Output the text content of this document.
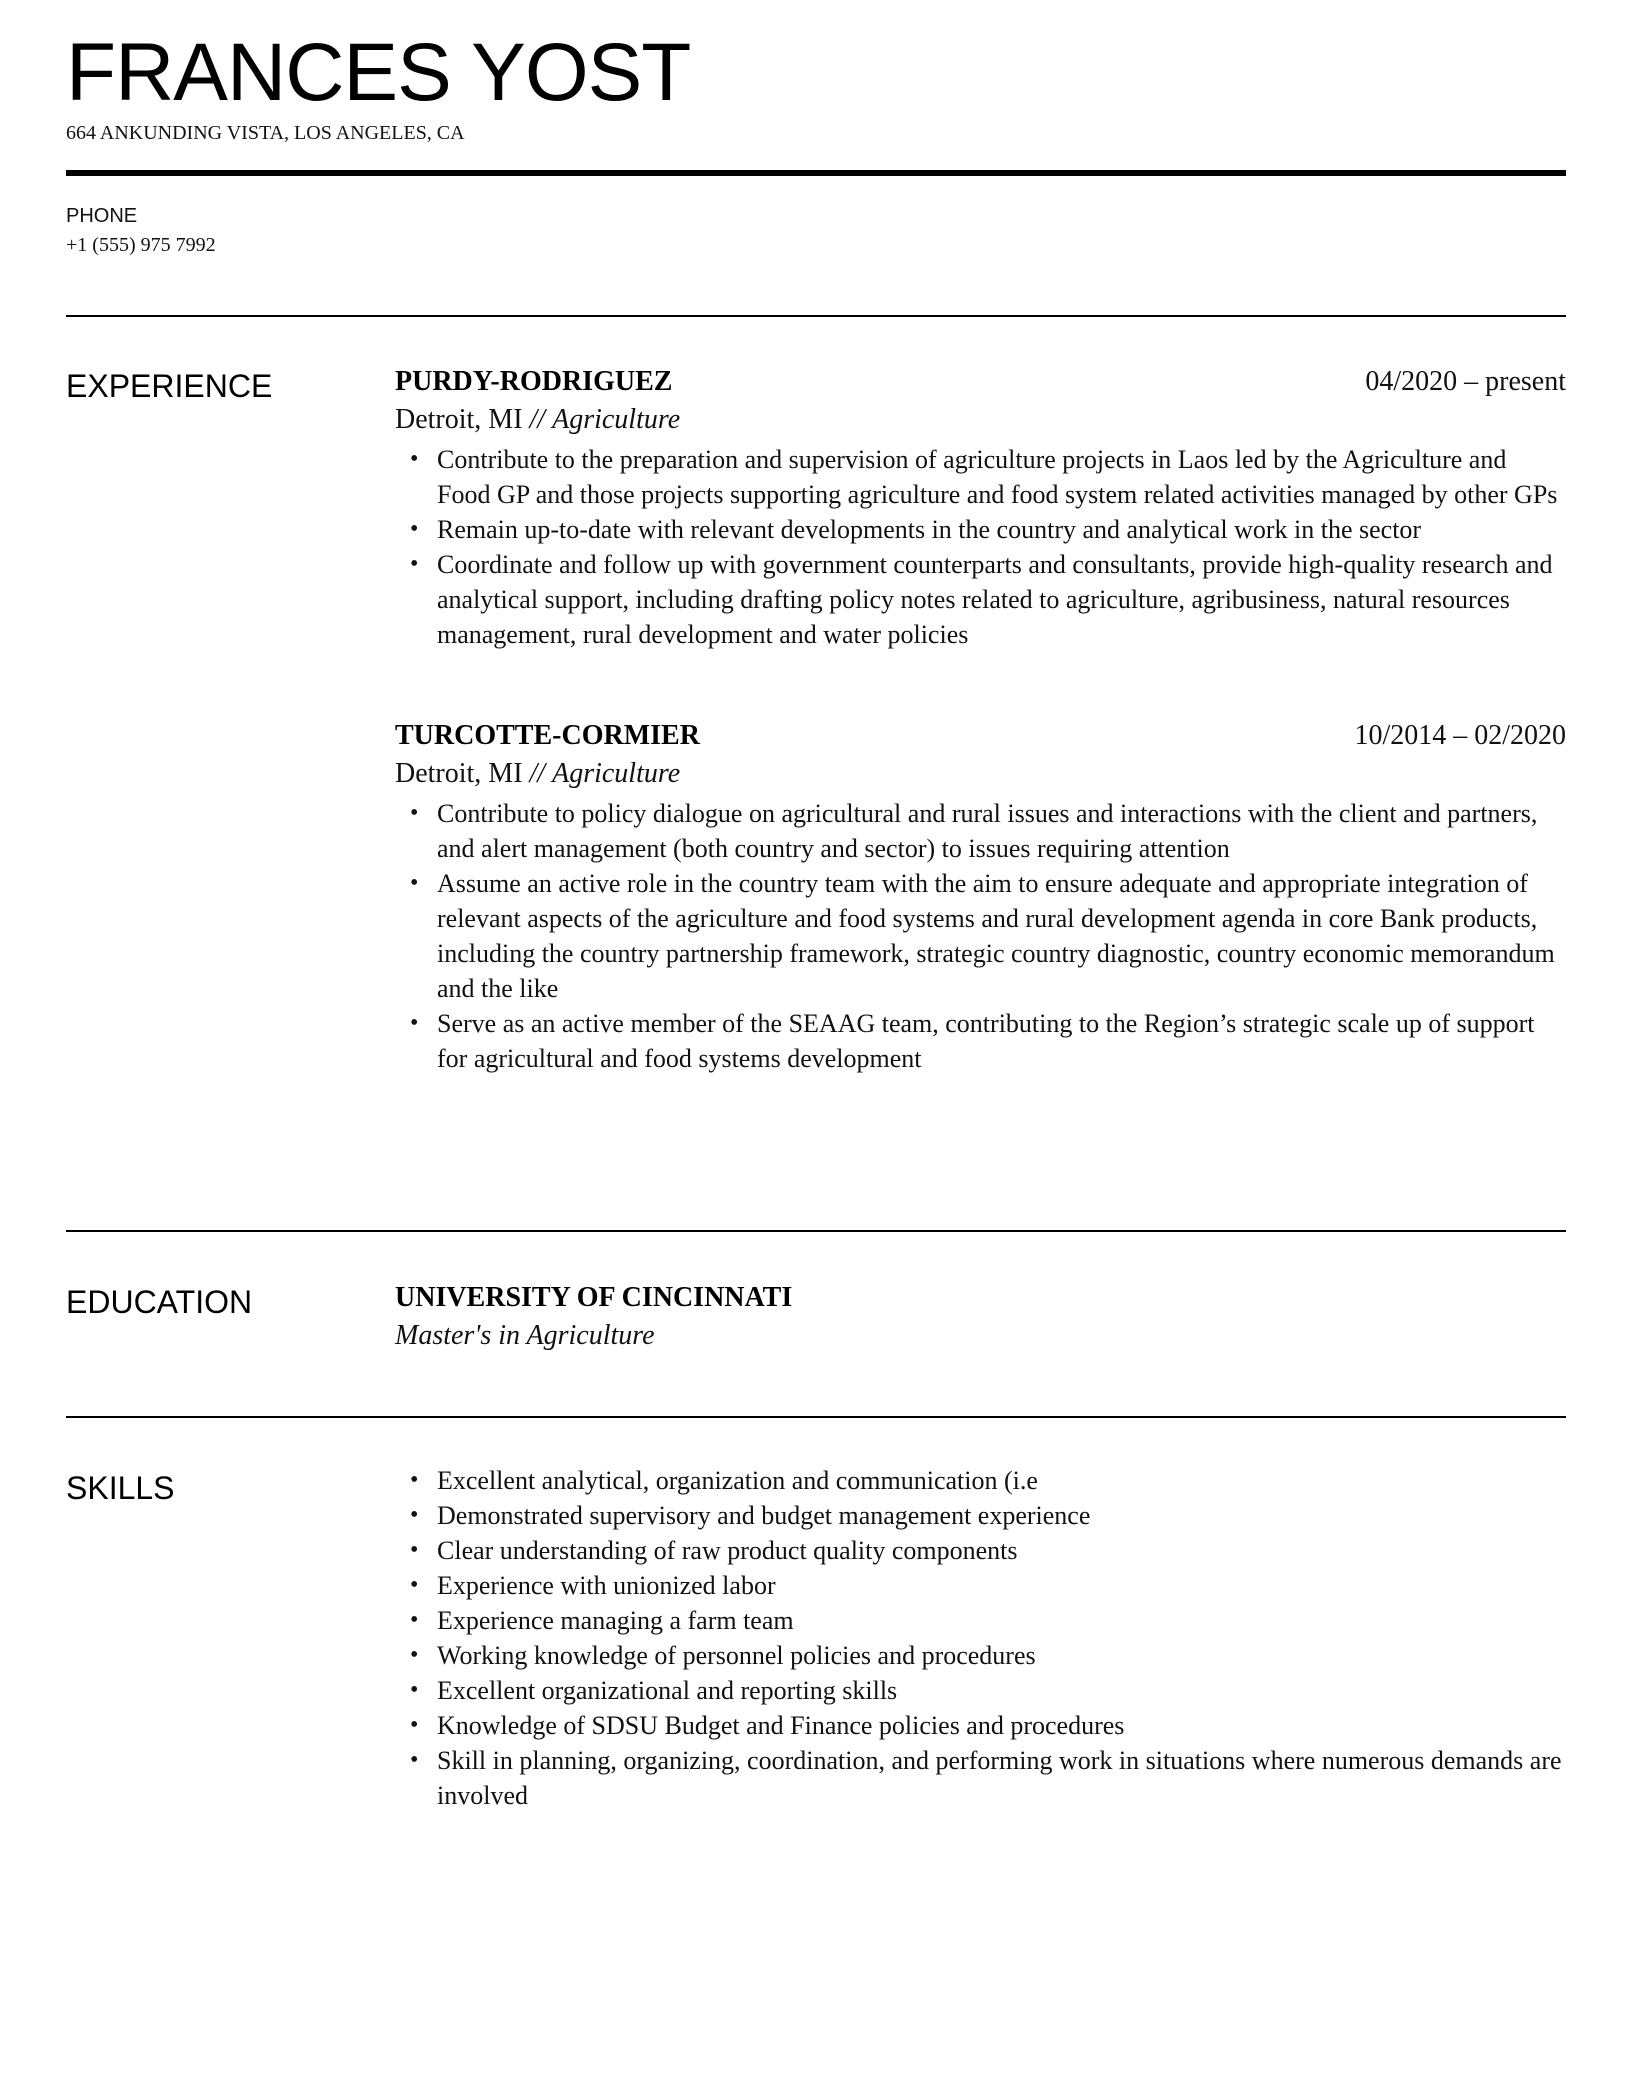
FRANCES YOST
664 ANKUNDING VISTA, LOS ANGELES, CA
PHONE
+1 (555) 975 7992
EXPERIENCE	PURDY-RODRIGUEZ	04/2020 – present
Detroit, MI // Agriculture
• Contribute to the preparation and supervision of agriculture projects in Laos led by the Agriculture and Food GP and those projects supporting agriculture and food system related activities managed by other GPs
• Remain up-to-date with relevant developments in the country and analytical work in the sector
• Coordinate and follow up with government counterparts and consultants, provide high-quality research and analytical support, including drafting policy notes related to agriculture, agribusiness, natural resources management, rural development and water policies
TURCOTTE-CORMIER	10/2014 – 02/2020
Detroit, MI // Agriculture
• Contribute to policy dialogue on agricultural and rural issues and interactions with the client and partners, and alert management (both country and sector) to issues requiring attention
• Assume an active role in the country team with the aim to ensure adequate and appropriate integration of relevant aspects of the agriculture and food systems and rural development agenda in core Bank products, including the country partnership framework, strategic country diagnostic, country economic memorandum and the like
• Serve as an active member of the SEAAG team, contributing to the Region’s strategic scale up of support for agricultural and food systems development
EDUCATION	UNIVERSITY OF CINCINNATI
Master's in Agriculture
SKILLS	• Excellent analytical, organization and communication (i.e
• Demonstrated supervisory and budget management experience
• Clear understanding of raw product quality components
• Experience with unionized labor
• Experience managing a farm team
• Working knowledge of personnel policies and procedures
• Excellent organizational and reporting skills
• Knowledge of SDSU Budget and Finance policies and procedures
• Skill in planning, organizing, coordination, and performing work in situations where numerous demands are involved
